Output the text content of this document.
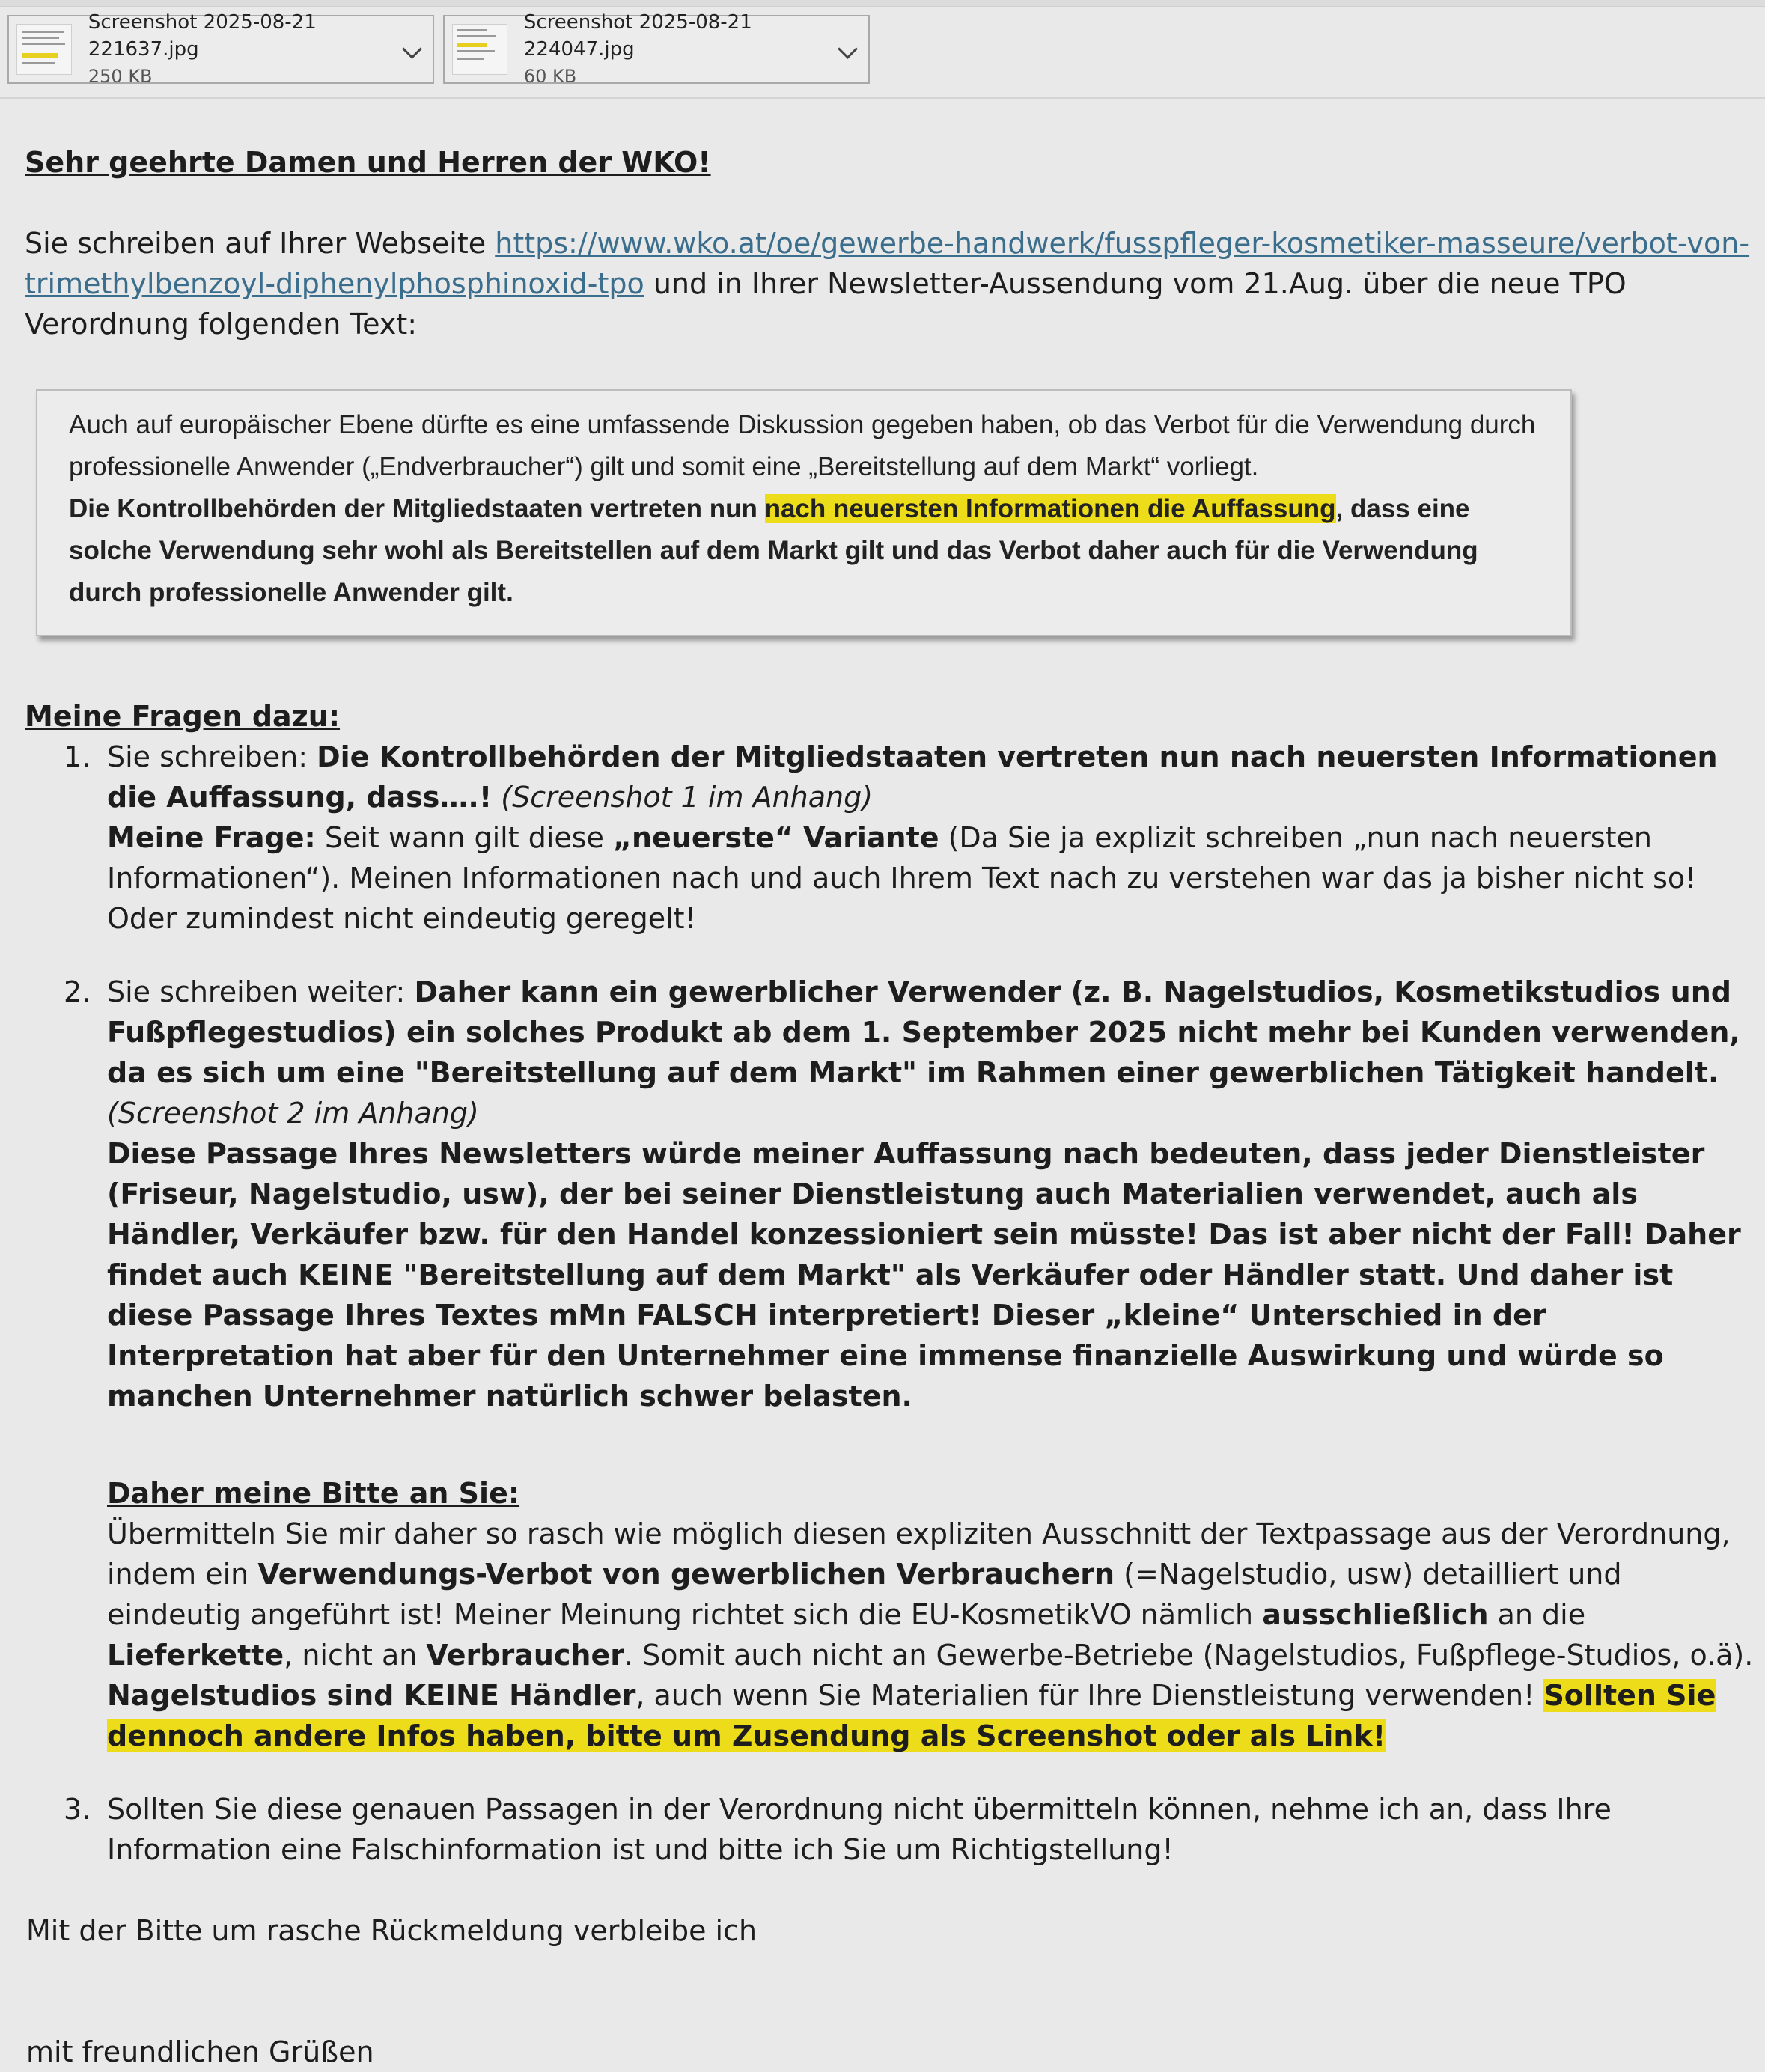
Screenshot 2025-08-21 221637.jpg
250 KB
Screenshot 2025-08-21 224047.jpg
60 KB

Sehr geehrte Damen und Herren der WKO!

Sie schreiben auf Ihrer Webseite https://www.wko.at/oe/gewerbe-handwerk/fusspfleger-kosmetiker-masseure/verbot-von-trimethylbenzoyl-diphenylphosphinoxid-tpo und in Ihrer Newsletter-Aussendung vom 21.Aug. über die neue TPO Verordnung folgenden Text:

Auch auf europäischer Ebene dürfte es eine umfassende Diskussion gegeben haben, ob das Verbot für die Verwendung durch professionelle Anwender („Endverbraucher“) gilt und somit eine „Bereitstellung auf dem Markt“ vorliegt.
Die Kontrollbehörden der Mitgliedstaaten vertreten nun nach neuersten Informationen die Auffassung, dass eine solche Verwendung sehr wohl als Bereitstellen auf dem Markt gilt und das Verbot daher auch für die Verwendung durch professionelle Anwender gilt.

Meine Fragen dazu:

1. Sie schreiben: Die Kontrollbehörden der Mitgliedstaaten vertreten nun nach neuersten Informationen die Auffassung, dass….! (Screenshot 1 im Anhang)
Meine Frage: Seit wann gilt diese „neuerste“ Variante (Da Sie ja explizit schreiben „nun nach neuersten Informationen“). Meinen Informationen nach und auch Ihrem Text nach zu verstehen war das ja bisher nicht so! Oder zumindest nicht eindeutig geregelt!
2. Sie schreiben weiter: Daher kann ein gewerblicher Verwender (z. B. Nagelstudios, Kosmetikstudios und Fußpflegestudios) ein solches Produkt ab dem 1. September 2025 nicht mehr bei Kunden verwenden, da es sich um eine "Bereitstellung auf dem Markt" im Rahmen einer gewerblichen Tätigkeit handelt. (Screenshot 2 im Anhang)
Diese Passage Ihres Newsletters würde meiner Auffassung nach bedeuten, dass jeder Dienstleister (Friseur, Nagelstudio, usw), der bei seiner Dienstleistung auch Materialien verwendet, auch als Händler, Verkäufer bzw. für den Handel konzessioniert sein müsste! Das ist aber nicht der Fall! Daher findet auch KEINE "Bereitstellung auf dem Markt" als Verkäufer oder Händler statt. Und daher ist diese Passage Ihres Textes mMn FALSCH interpretiert! Dieser „kleine“ Unterschied in der Interpretation hat aber für den Unternehmer eine immense finanzielle Auswirkung und würde so manchen Unternehmer natürlich schwer belasten.
Daher meine Bitte an Sie:
Übermitteln Sie mir daher so rasch wie möglich diesen expliziten Ausschnitt der Textpassage aus der Verordnung, indem ein Verwendungs-Verbot von gewerblichen Verbrauchern (=Nagelstudio, usw) detailliert und eindeutig angeführt ist! Meiner Meinung richtet sich die EU-KosmetikVO nämlich ausschließlich an die Lieferkette, nicht an Verbraucher. Somit auch nicht an Gewerbe-Betriebe (Nagelstudios, Fußpflege-Studios, o.ä). Nagelstudios sind KEINE Händler, auch wenn Sie Materialien für Ihre Dienstleistung verwenden! Sollten Sie dennoch andere Infos haben, bitte um Zusendung als Screenshot oder als Link!
3. Sollten Sie diese genauen Passagen in der Verordnung nicht übermitteln können, nehme ich an, dass Ihre Information eine Falschinformation ist und bitte ich Sie um Richtigstellung!

Mit der Bitte um rasche Rückmeldung verbleibe ich

mit freundlichen Grüßen
